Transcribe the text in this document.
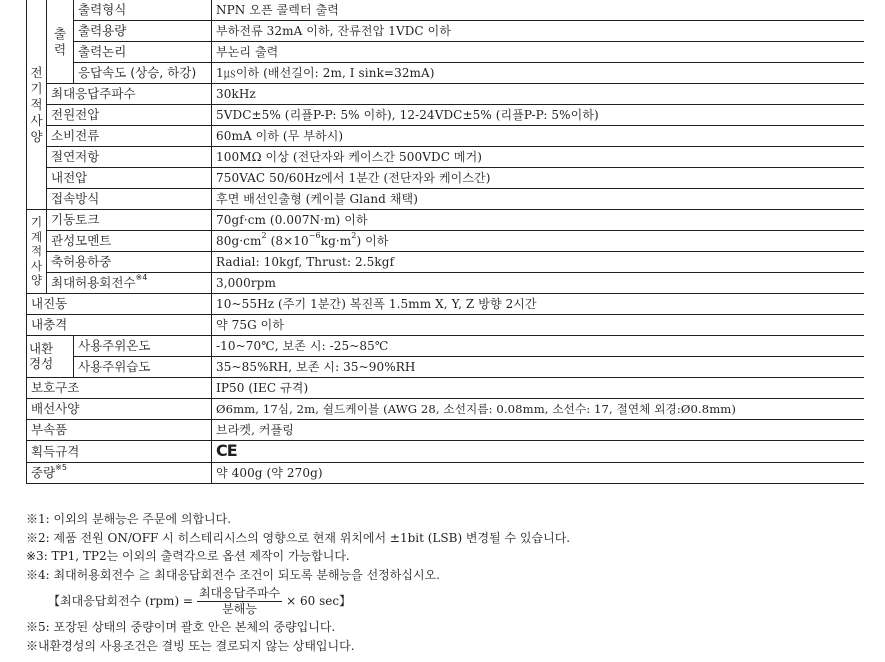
전기적사양	출력	출력형식	NPN 오픈 콜렉터 출력
		출력용량	부하전류 32mA 이하, 잔류전압 1VDC 이하
		출력논리	부논리 출력
		응답속도 (상승, 하강)	1㎲이하 (배선길이: 2m, I sink=32mA)
	최대응답주파수		30kHz
	전원전압		5VDC±5% (리플P-P: 5% 이하), 12-24VDC±5% (리플P-P: 5%이하)
	소비전류		60mA 이하 (무 부하시)
	절연저항		100MΩ 이상 (전단자와 케이스간 500VDC 메거)
	내전압		750VAC 50/60Hz에서 1분간 (전단자와 케이스간)
	접속방식		후면 배선인출형 (케이블 Gland 채택)
기계적사양	기동토크		70gf·cm (0.007N·m) 이하
	관성모멘트		$80g\cdot cm^2$ $(8\times 10^{-6}kg\cdot m^2)$ 이하
	축허용하중		Radial: 10kgf, Thrust: 2.5kgf
	최대허용회전수$^{※4}$		3,000rpm
내진동			10~55Hz (주기 1분간) 복진폭 1.5mm X, Y, Z 방향 2시간
내충격			약 75G 이하
내환경성		사용주위온도	-10~70℃, 보존 시: -25~85℃
		사용주위습도	35~85%RH, 보존 시: 35~90%RH
보호구조			IP50 (IEC 규격)
배선사양			Ø6mm, 17심, 2m, 쉴드케이블 (AWG 28, 소선지름: 0.08mm, 소선수: 17, 절연체 외경:Ø0.8mm)
부속품			브라켓, 커플링
획득규격			CE
중량$^{※5}$			약 400g (약 270g)
※1: 이외의 분해능은 주문에 의합니다.
※2: 제품 전원 ON/OFF 시 히스테리시스의 영향으로 현재 위치에서 ±1bit (LSB) 변경될 수 있습니다.
※3: TP1, TP2는 이외의 출력각으로 옵션 제작이 가능합니다.
※4: 최대허용회전수 ≧ 최대응답회전수 조건이 되도록 분해능을 선정하십시오.
【최대응답회전수 $(rpm) = \frac{\text{최대응답주파수}}{\text{분해능}} \times 60$ sec】
※5: 포장된 상태의 중량이며 괄호 안은 본체의 중량입니다.
※내환경성의 사용조건은 결빙 또는 결로되지 않는 상태입니다.
